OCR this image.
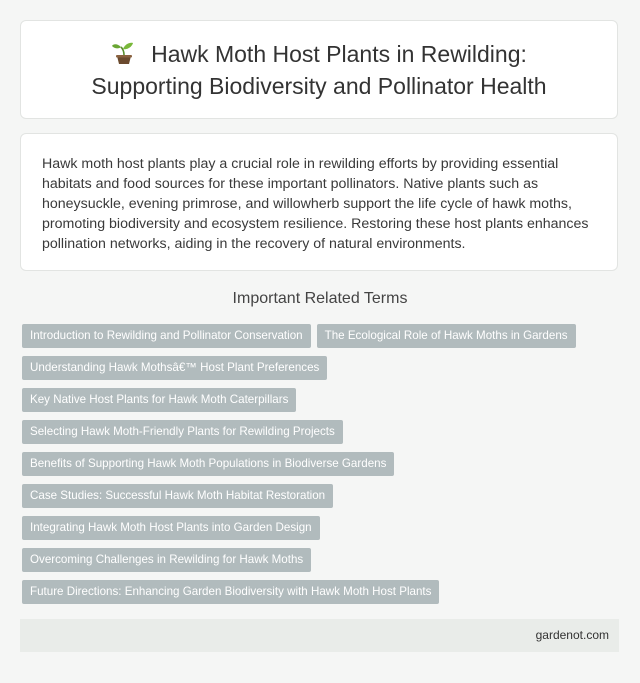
Hawk Moth Host Plants in Rewilding:
Supporting Biodiversity and Pollinator Health

Hawk moth host plants play a crucial role in rewilding efforts by providing essential habitats and food sources for these important pollinators. Native plants such as honeysuckle, evening primrose, and willowherb support the life cycle of hawk moths, promoting biodiversity and ecosystem resilience. Restoring these host plants enhances pollination networks, aiding in the recovery of natural environments.

Important Related Terms
Introduction to Rewilding and Pollinator Conservation	The Ecological Role of Hawk Moths in Gardens
Understanding Hawk Mothsâ€™ Host Plant Preferences
Key Native Host Plants for Hawk Moth Caterpillars
Selecting Hawk Moth-Friendly Plants for Rewilding Projects
Benefits of Supporting Hawk Moth Populations in Biodiverse Gardens
Case Studies: Successful Hawk Moth Habitat Restoration
Integrating Hawk Moth Host Plants into Garden Design
Overcoming Challenges in Rewilding for Hawk Moths
Future Directions: Enhancing Garden Biodiversity with Hawk Moth Host Plants
gardenot.com
